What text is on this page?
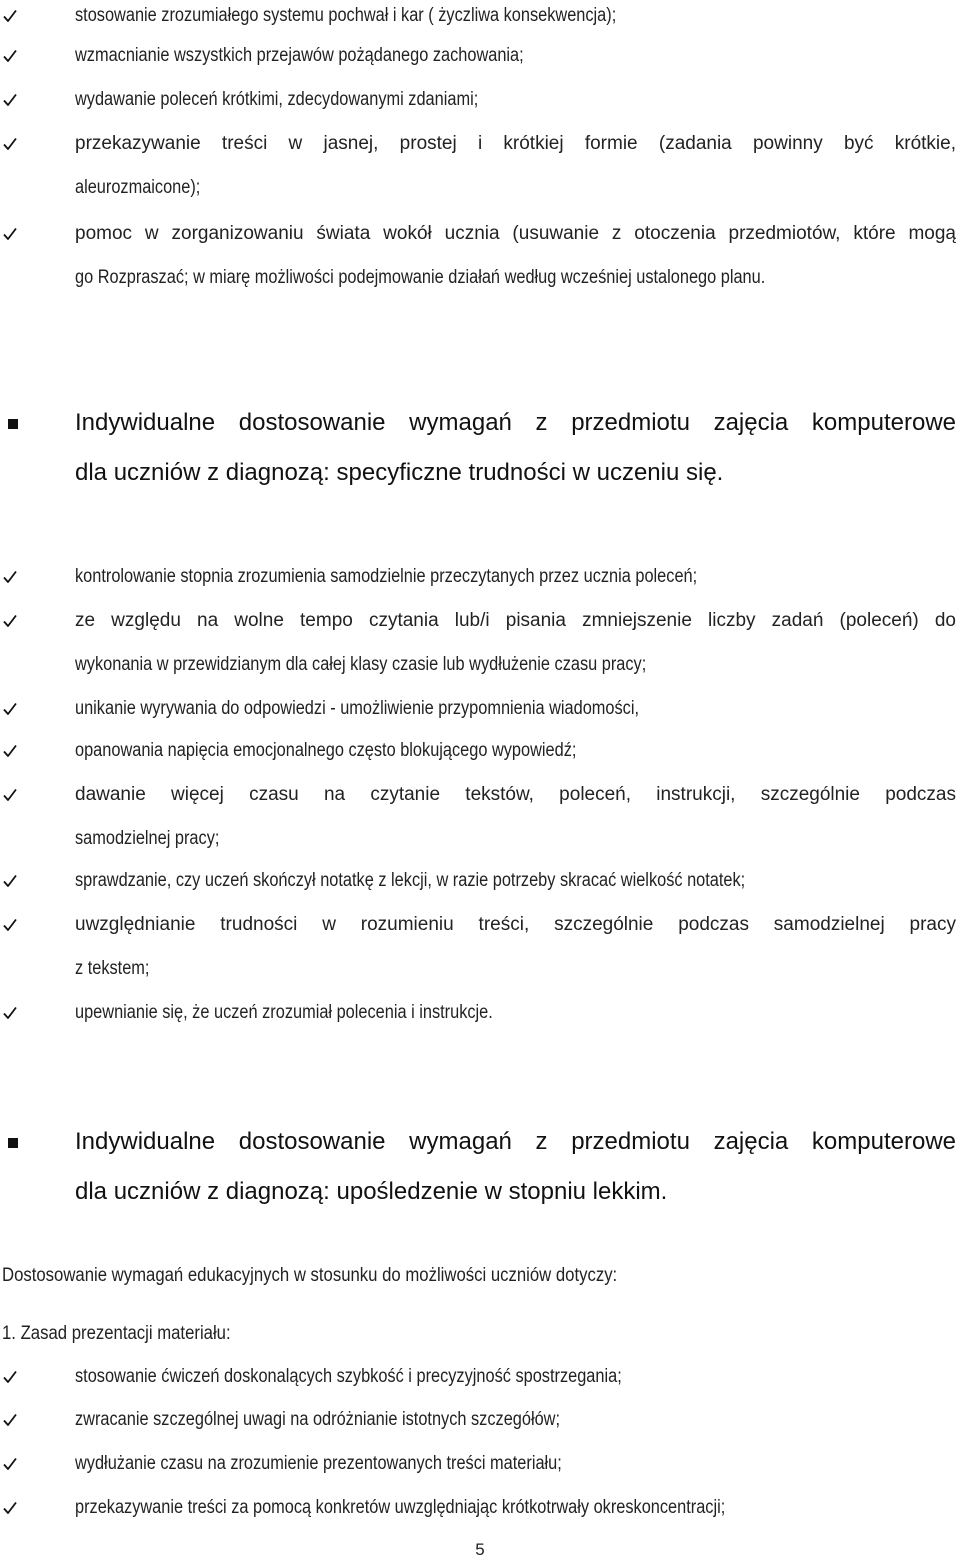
stosowanie zrozumiałego systemu pochwał i kar ( życzliwa konsekwencja);
wzmacnianie wszystkich przejawów pożądanego zachowania;
wydawanie poleceń krótkimi, zdecydowanymi zdaniami;
przekazywanie treści w jasnej, prostej i krótkiej formie (zadania powinny być krótkie,
aleurozmaicone);
pomoc w zorganizowaniu świata wokół ucznia (usuwanie z otoczenia przedmiotów, które mogą
go Rozpraszać; w miarę możliwości podejmowanie działań według wcześniej ustalonego planu.
Indywidualne dostosowanie wymagań z przedmiotu zajęcia komputerowe
dla uczniów z diagnozą: specyficzne trudności w uczeniu się.
kontrolowanie stopnia zrozumienia samodzielnie przeczytanych przez ucznia poleceń;
ze względu na wolne tempo czytania lub/i pisania zmniejszenie liczby zadań (poleceń) do
wykonania w przewidzianym dla całej klasy czasie lub wydłużenie czasu pracy;
unikanie wyrywania do odpowiedzi - umożliwienie przypomnienia wiadomości,
opanowania napięcia emocjonalnego często blokującego wypowiedź;
dawanie więcej czasu na czytanie tekstów, poleceń, instrukcji, szczególnie podczas
samodzielnej pracy;
sprawdzanie, czy uczeń skończył notatkę z lekcji, w razie potrzeby skracać wielkość notatek;
uwzględnianie trudności w rozumieniu treści, szczególnie podczas samodzielnej pracy
z tekstem;
upewnianie się, że uczeń zrozumiał polecenia i instrukcje.
Indywidualne dostosowanie wymagań z przedmiotu zajęcia komputerowe
dla uczniów z diagnozą: upośledzenie w stopniu lekkim.
Dostosowanie wymagań edukacyjnych w stosunku do możliwości uczniów dotyczy:
1. Zasad prezentacji materiału:
stosowanie ćwiczeń doskonalących szybkość i precyzyjność spostrzegania;
zwracanie szczególnej uwagi na odróżnianie istotnych szczegółów;
wydłużanie czasu na zrozumienie prezentowanych treści materiału;
przekazywanie treści za pomocą konkretów uwzględniając krótkotrwały okreskoncentracji;
5
